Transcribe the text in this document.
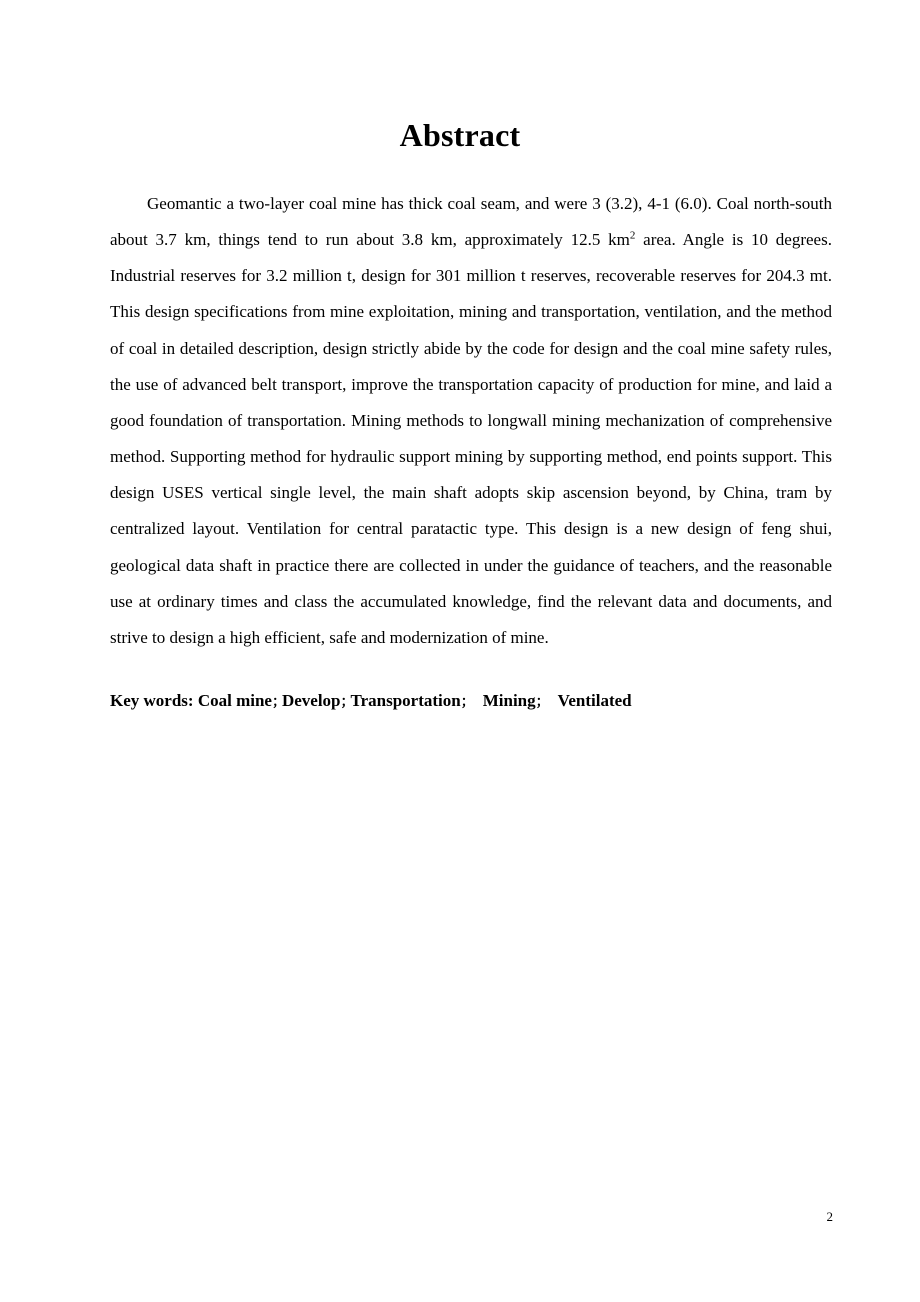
Abstract

Geomantic a two-layer coal mine has thick coal seam, and were 3 (3.2), 4-1 (6.0). Coal north-south about 3.7 km, things tend to run about 3.8 km, approximately 12.5 $km^2$ area. Angle is 10 degrees. Industrial reserves for 3.2 million t, design for 301 million t reserves, recoverable reserves for 204.3 mt. This design specifications from mine exploitation, mining and transportation, ventilation, and the method of coal in detailed description, design strictly abide by the code for design and the coal mine safety rules, the use of advanced belt transport, improve the transportation capacity of production for mine, and laid a good foundation of transportation. Mining methods to longwall mining mechanization of comprehensive method. Supporting method for hydraulic support mining by supporting method, end points support. This design USES vertical single level, the main shaft adopts skip ascension beyond, by China, tram by centralized layout. Ventilation for central paratactic type. This design is a new design of feng shui, geological data shaft in practice there are collected in under the guidance of teachers, and the reasonable use at ordinary times and class the accumulated knowledge, find the relevant data and documents, and strive to design a high efficient, safe and modernization of mine.

Key words: Coal mine；Develop；Transportation； Mining； Ventilated

2
